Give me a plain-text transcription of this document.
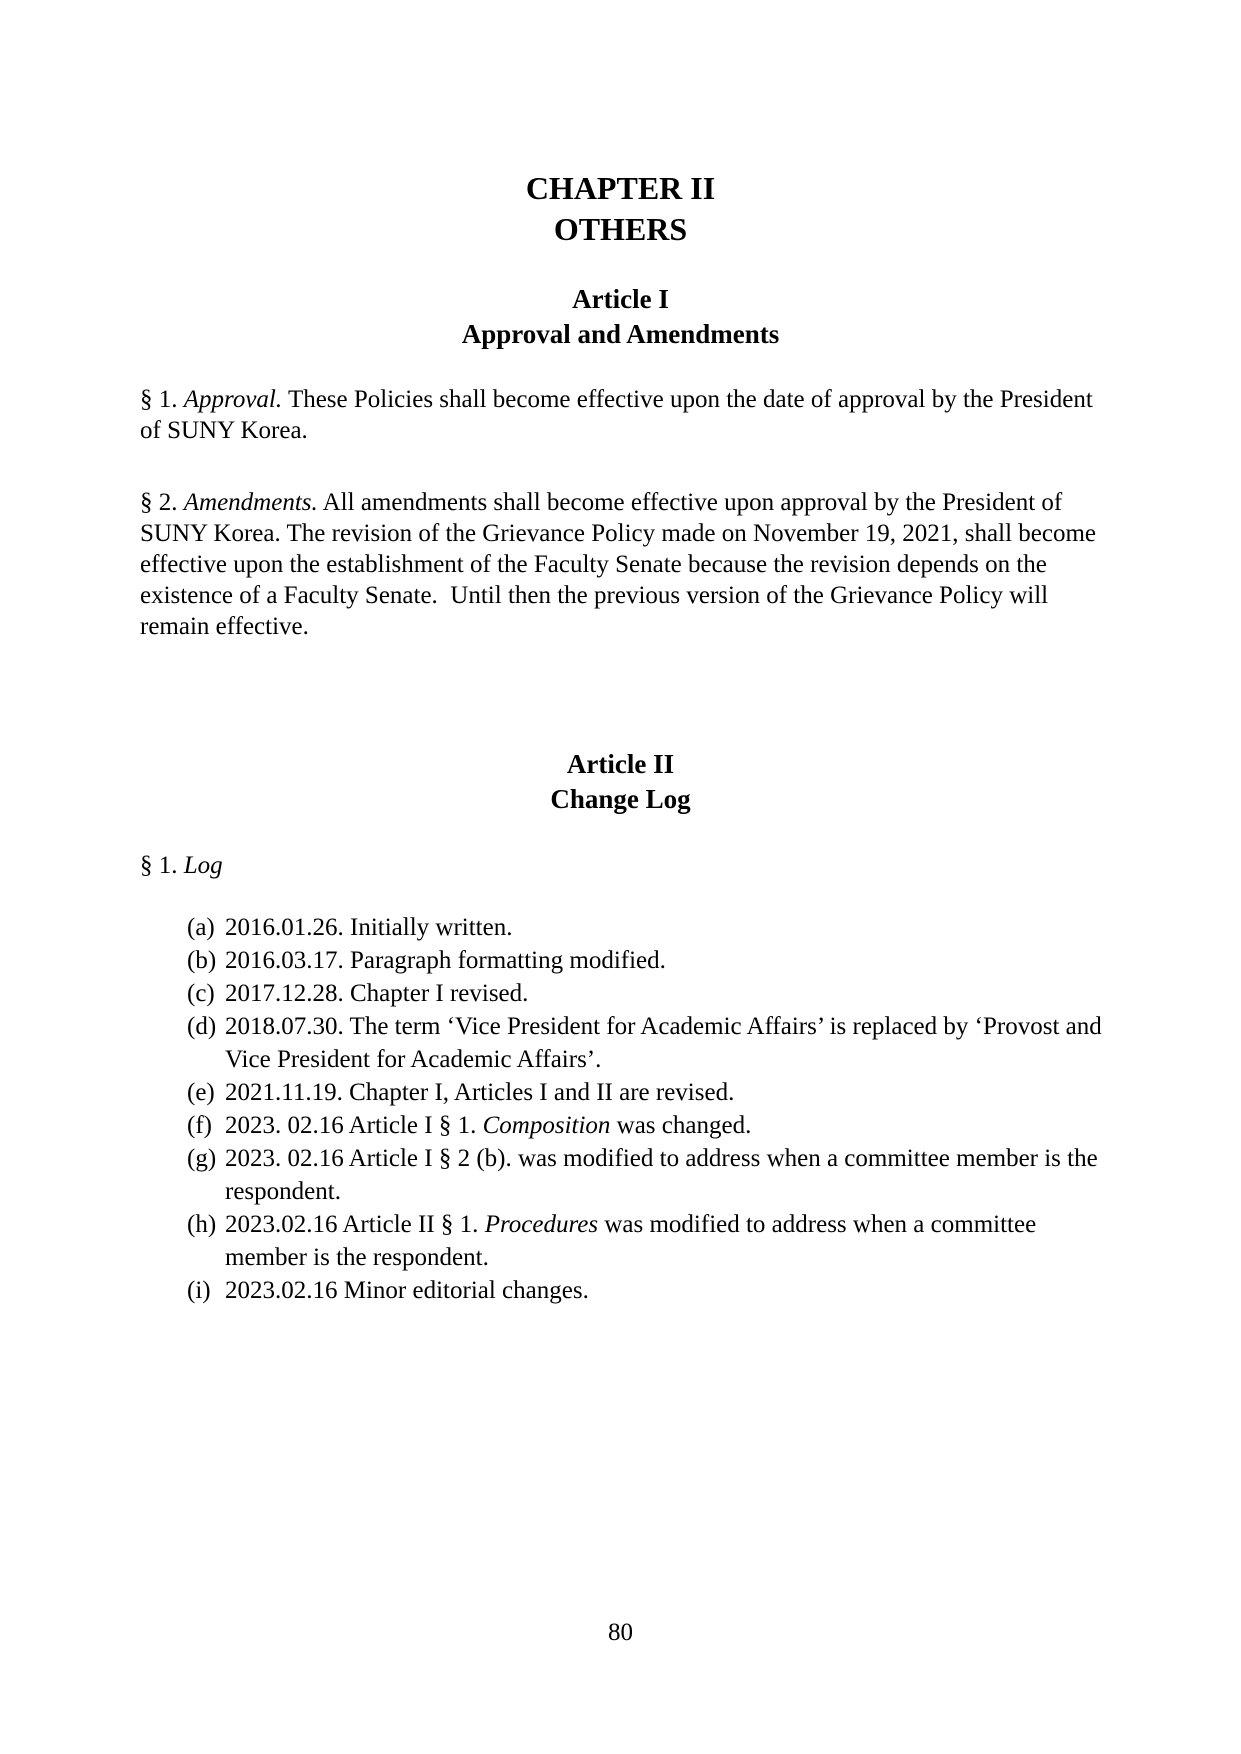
CHAPTER II
OTHERS
Article I
Approval and Amendments

§ 1. Approval. These Policies shall become effective upon the date of approval by the President of SUNY Korea.

§ 2. Amendments. All amendments shall become effective upon approval by the President of SUNY Korea. The revision of the Grievance Policy made on November 19, 2021, shall become effective upon the establishment of the Faculty Senate because the revision depends on the existence of a Faculty Senate.  Until then the previous version of the Grievance Policy will remain effective.

Article II
Change Log

§ 1. Log

(a) 2016.01.26. Initially written.
(b) 2016.03.17. Paragraph formatting modified.
(c) 2017.12.28. Chapter I revised.
(d) 2018.07.30. The term ‘Vice President for Academic Affairs’ is replaced by ‘Provost and Vice President for Academic Affairs’.
(e) 2021.11.19. Chapter I, Articles I and II are revised.
(f) 2023. 02.16 Article I § 1. Composition was changed.
(g) 2023. 02.16 Article I § 2 (b). was modified to address when a committee member is the respondent.
(h) 2023.02.16 Article II § 1. Procedures was modified to address when a committee member is the respondent.
(i) 2023.02.16 Minor editorial changes.
80
